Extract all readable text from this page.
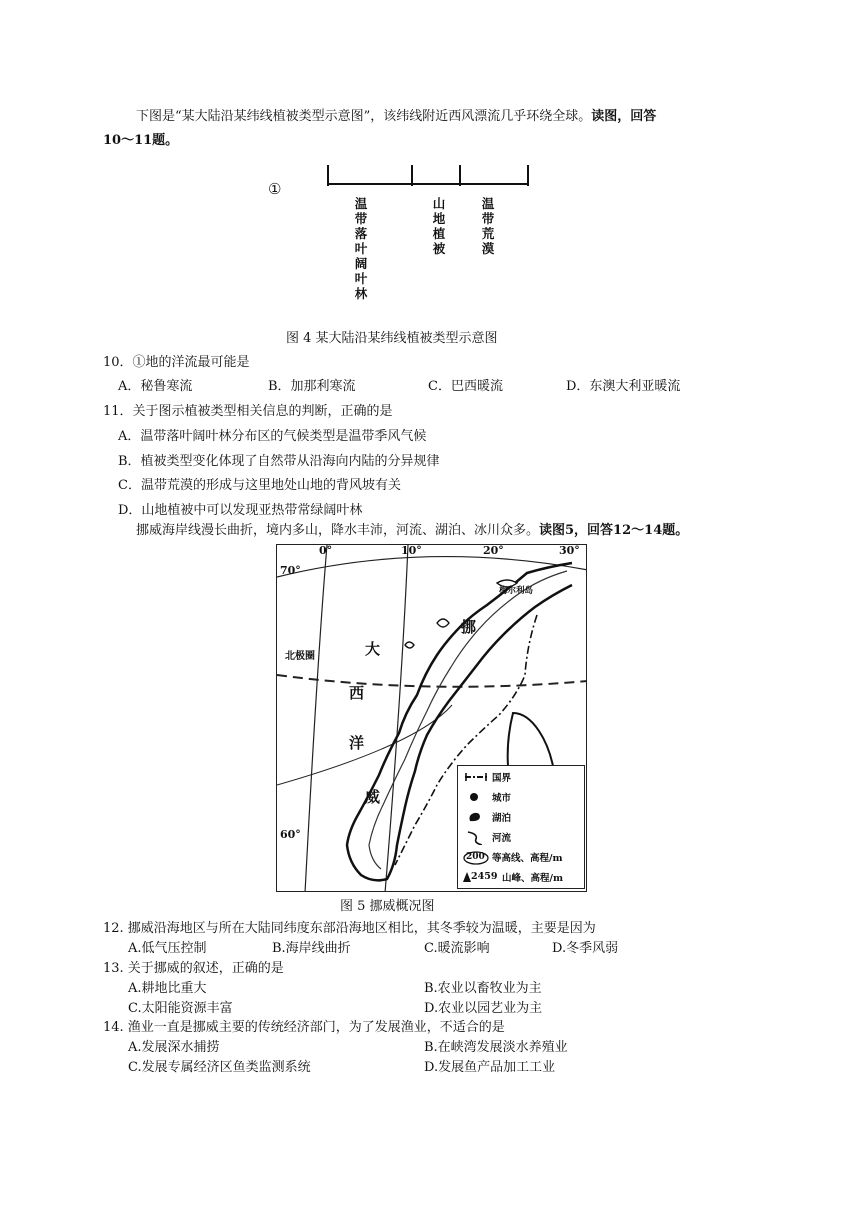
下图是“某大陆沿某纬线植被类型示意图”，该纬线附近西风漂流几乎环绕全球。读图，回答
10～11题。
①
温带落叶阔叶林
山地植被
温带荒漠
图 4 某大陆沿某纬线植被类型示意图
10．①地的洋流最可能是
A．秘鲁寒流	B．加那利寒流	C．巴西暖流	D．东澳大利亚暖流
11．关于图示植被类型相关信息的判断，正确的是
A．温带落叶阔叶林分布区的气候类型是温带季风气候
B．植被类型变化体现了自然带从沿海向内陆的分异规律
C．温带荒漠的形成与这里地处山地的背风坡有关
D．山地植被中可以发现亚热带常绿阔叶林
挪威海岸线漫长曲折，境内多山，降水丰沛，河流、湖泊、冰川众多。读图5，回答12～14题。
0°	10°	20°	30°
70°
60°
北极圈
梅尔利岛
大
西
洋
挪
威
国界
城市
湖泊
河流
200 等高线、高程/m
2459 山峰、高程/m
图 5 挪威概况图
12. 挪威沿海地区与所在大陆同纬度东部沿海地区相比，其冬季较为温暖，主要是因为
A.低气压控制	B.海岸线曲折	C.暖流影响	D.冬季风弱
13. 关于挪威的叙述，正确的是
A.耕地比重大	B.农业以畜牧业为主
C.太阳能资源丰富	D.农业以园艺业为主
14. 渔业一直是挪威主要的传统经济部门，为了发展渔业，不适合的是
A.发展深水捕捞	B.在峡湾发展淡水养殖业
C.发展专属经济区鱼类监测系统	D.发展鱼产品加工工业
